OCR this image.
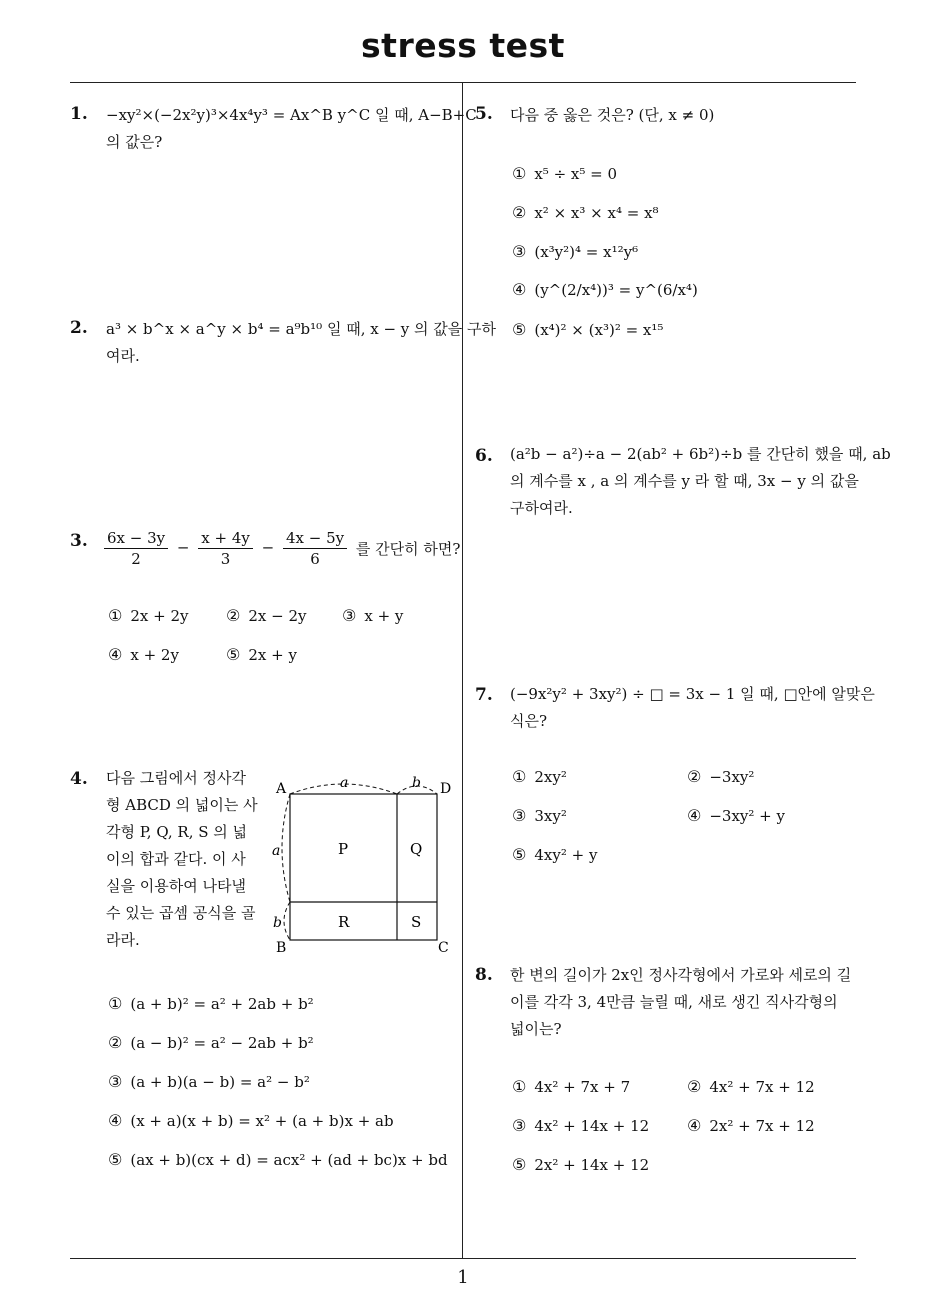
stress test
1. −xy²×(−2x²y)³×4x⁴y³ = Ax^B y^C 일 때, A−B+C
의 값은?
2. a³ × b^x × a^y × b⁴ = a⁹b¹⁰ 일 때, x − y 의 값을 구하
여라.
3. $\frac{6x - 3y}{2} - \frac{x + 4y}{3} - \frac{4x - 5y}{6}$ 를 간단히 하면?
① 2x + 2y ② 2x − 2y ③ x + y
④ x + 2y	⑤ 2x + y
4. 다음 그림에서 정사각
형 ABCD 의 넓이는 사
각형 P, Q, R, S 의 넓
이의 합과 같다. 이 사
실을 이용하여 나타낼
수 있는 곱셈 공식을 골
라라.
A	D
B	C
a	b
a
b
P	Q
R	S
① (a + b)² = a² + 2ab + b²
② (a − b)² = a² − 2ab + b²
③ (a + b)(a − b) = a² − b²
④ (x + a)(x + b) = x² + (a + b)x + ab
⑤ (ax + b)(cx + d) = acx² + (ad + bc)x + bd
5. 다음 중 옳은 것은? (단, x ≠ 0)
① x⁵ ÷ x⁵ = 0
② x² × x³ × x⁴ = x⁸
③ (x³y²)⁴ = x¹²y⁶
④ (y^(2/x⁴))³ = y^(6/x⁴)
⑤ (x⁴)² × (x³)² = x¹⁵
6. (a²b − a²)÷a − 2(ab² + 6b²)÷b 를 간단히 했을 때, ab
의 계수를 x , a 의 계수를 y 라 할 때, 3x − y 의 값을
구하여라.
7. (−9x²y² + 3xy²) ÷ □ = 3x − 1 일 때, □안에 알맞은
식은?
① 2xy²	② −3xy²
③ 3xy²	④ −3xy² + y
⑤ 4xy² + y
8. 한 변의 길이가 2x인 정사각형에서 가로와 세로의 길
이를 각각 3, 4만큼 늘릴 때, 새로 생긴 직사각형의
넓이는?
① 4x² + 7x + 7	② 4x² + 7x + 12
③ 4x² + 14x + 12 ④ 2x² + 7x + 12
⑤ 2x² + 14x + 12
1
